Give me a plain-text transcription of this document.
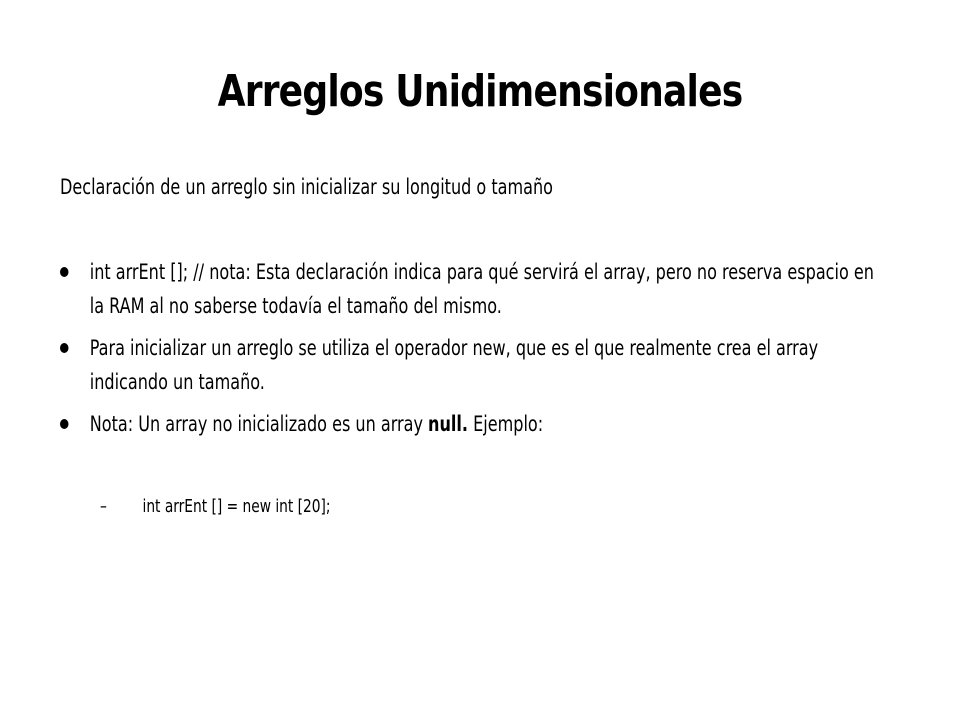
Arreglos Unidimensionales
Declaración de un arreglo sin inicializar su longitud o tamaño
int arrEnt []; // nota: Esta declaración indica para qué servirá el array, pero no reserva espacio en la RAM al no saberse todavía el tamaño del mismo.
Para inicializar un arreglo se utiliza el operador new, que es el que realmente crea el array indicando un tamaño.
Nota: Un array no inicializado es un array null. Ejemplo:
– int arrEnt [] = new int [20];
